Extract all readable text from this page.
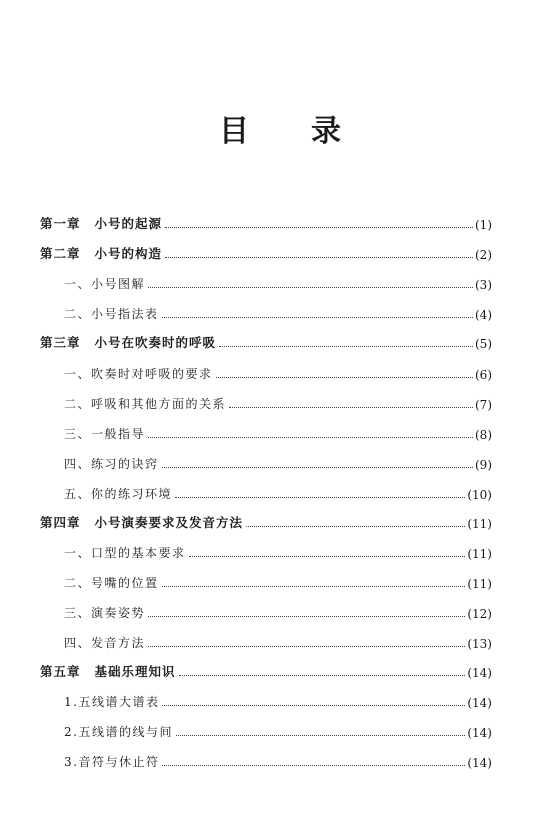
目 录
第一章 小号的起源	(1)
第二章 小号的构造	(2)
一、小号图解	(3)
二、小号指法表	(4)
第三章 小号在吹奏时的呼吸	(5)
一、吹奏时对呼吸的要求	(6)
二、呼吸和其他方面的关系	(7)
三、一般指导	(8)
四、练习的诀窍	(9)
五、你的练习环境	(10)
第四章 小号演奏要求及发音方法	(11)
一、口型的基本要求	(11)
二、号嘴的位置	(11)
三、演奏姿势	(12)
四、发音方法	(13)
第五章 基础乐理知识	(14)
1.五线谱大谱表	(14)
2.五线谱的线与间	(14)
3.音符与休止符	(14)
